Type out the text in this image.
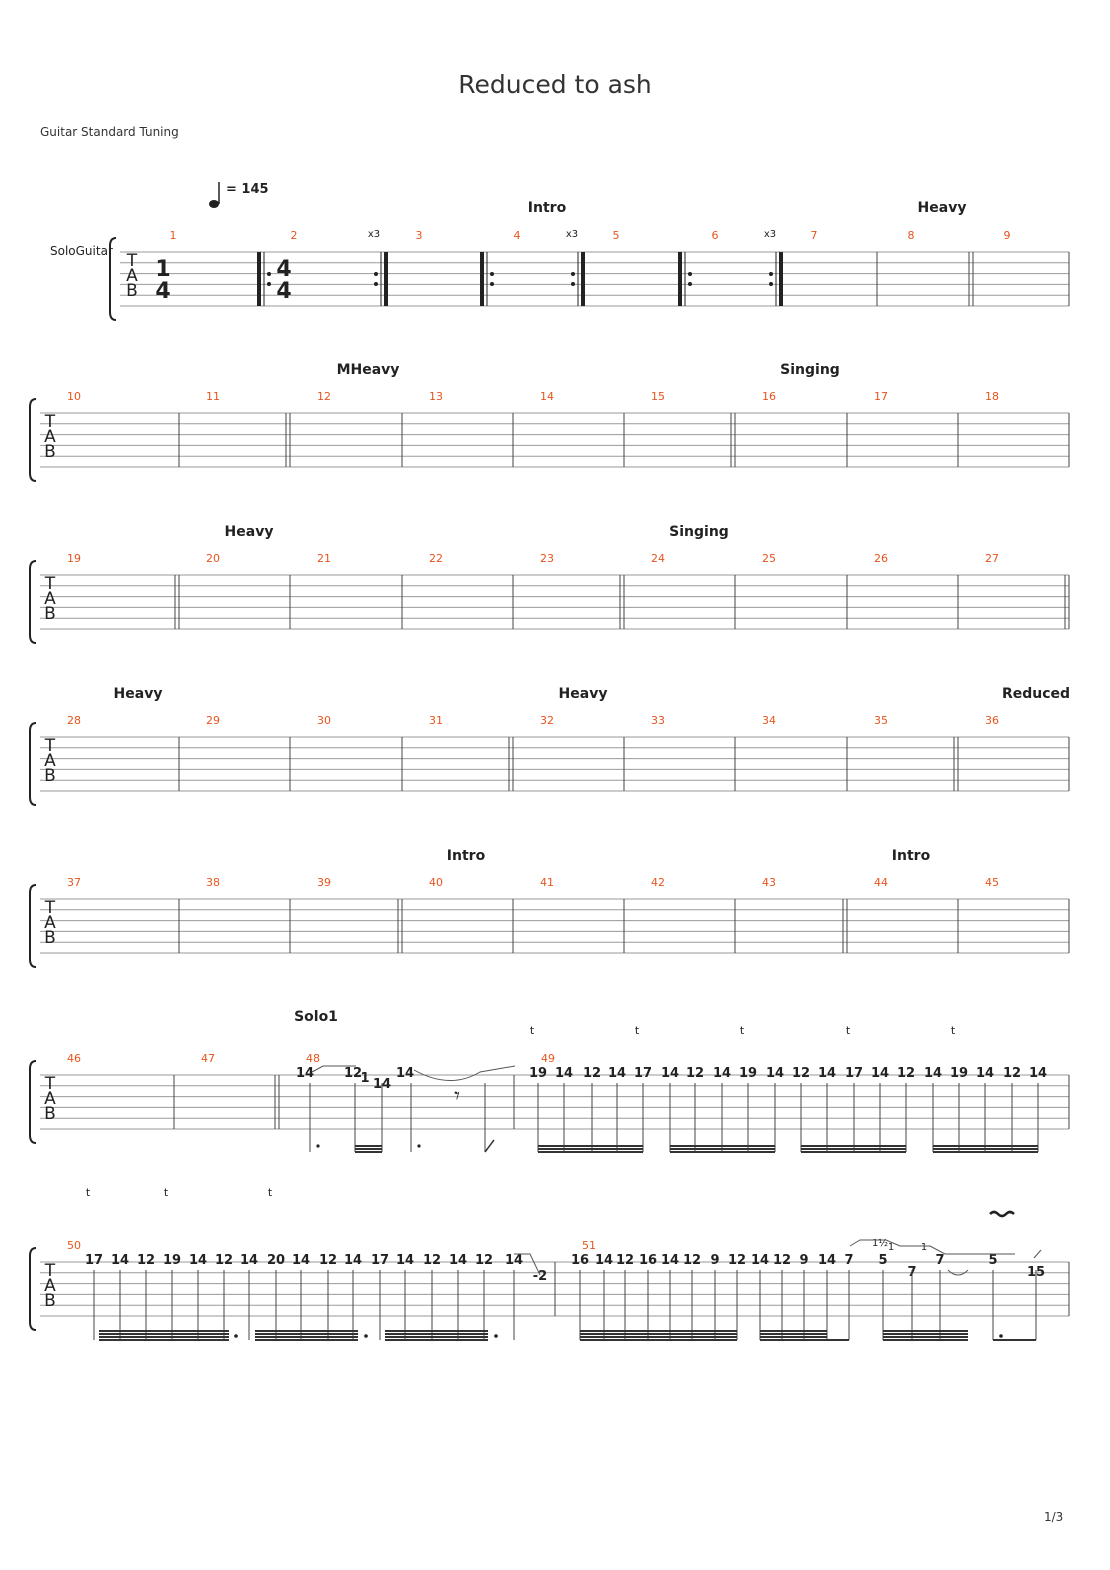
Reduced to ash
Guitar Standard Tuning
T
A
B
1	2	3	4	5	6	7	8	9
T
A
B
10	11	12	13	14	15	16	17	18
T
A
B
19	20	21	22	23	24	25	26	27
T
A
B
28	29	30	31	32	33	34	35	36
T
A
B
37	38	39	40	41	42	43	44	45
T
A
B
46	47	48	49
T
A
B
50	51
1
4
4
4
x3	x3	x3
= 145
SoloGuitar
Intro	Heavy
MHeavy	Singing
Heavy	Singing
Heavy	Heavy	Reduced
Intro	Intro
Solo1
14 12
1 14
14
𝄾
19 14 12 14 17 14 12 14 19 14 12 14 17 14 12 14 19 14 12 14
t	t	t	t	t
17 14 12 19 14 12 14 20 14 12 14 17 14 12 14 12 14
-2
t	t	t
16 14 12 16 14 12 9 12 14 12 9 14 7 5
7
7	5
15
1½ 1	1
1/3
